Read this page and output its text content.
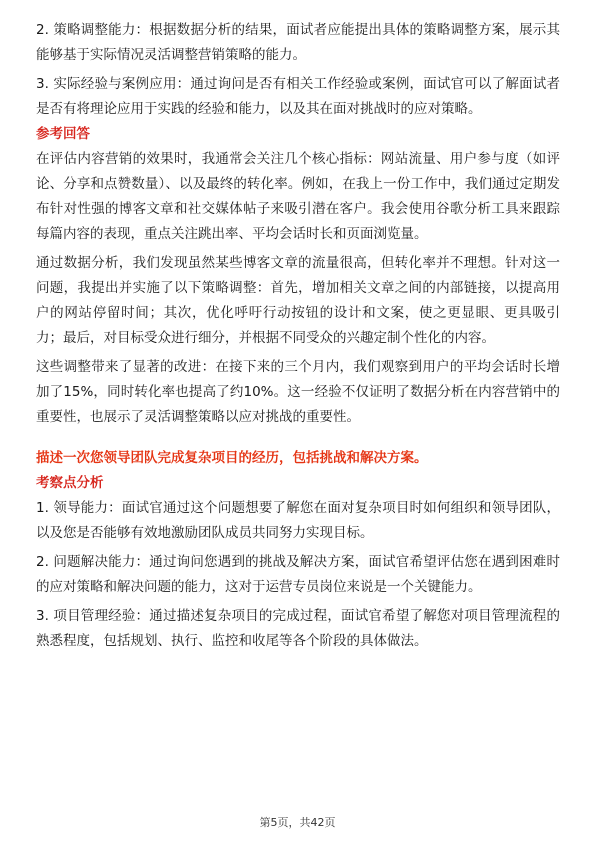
2. 策略调整能力：根据数据分析的结果，面试者应能提出具体的策略调整方案，展示其能够基于实际情况灵活调整营销策略的能力。

3. 实际经验与案例应用：通过询问是否有相关工作经验或案例，面试官可以了解面试者是否有将理论应用于实践的经验和能力，以及其在面对挑战时的应对策略。

参考回答

在评估内容营销的效果时，我通常会关注几个核心指标：网站流量、用户参与度（如评论、分享和点赞数量）、以及最终的转化率。例如，在我上一份工作中，我们通过定期发布针对性强的博客文章和社交媒体帖子来吸引潜在客户。我会使用谷歌分析工具来跟踪每篇内容的表现，重点关注跳出率、平均会话时长和页面浏览量。

通过数据分析，我们发现虽然某些博客文章的流量很高，但转化率并不理想。针对这一问题，我提出并实施了以下策略调整：首先，增加相关文章之间的内部链接，以提高用户的网站停留时间；其次，优化呼吁行动按钮的设计和文案，使之更显眼、更具吸引力；最后，对目标受众进行细分，并根据不同受众的兴趣定制个性化的内容。

这些调整带来了显著的改进：在接下来的三个月内，我们观察到用户的平均会话时长增加了15%，同时转化率也提高了约10%。这一经验不仅证明了数据分析在内容营销中的重要性，也展示了灵活调整策略以应对挑战的重要性。

描述一次您领导团队完成复杂项目的经历，包括挑战和解决方案。

考察点分析

1. 领导能力：面试官通过这个问题想要了解您在面对复杂项目时如何组织和领导团队，以及您是否能够有效地激励团队成员共同努力实现目标。

2. 问题解决能力：通过询问您遇到的挑战及解决方案，面试官希望评估您在遇到困难时的应对策略和解决问题的能力，这对于运营专员岗位来说是一个关键能力。

3. 项目管理经验：通过描述复杂项目的完成过程，面试官希望了解您对项目管理流程的熟悉程度，包括规划、执行、监控和收尾等各个阶段的具体做法。

第5页，共42页
